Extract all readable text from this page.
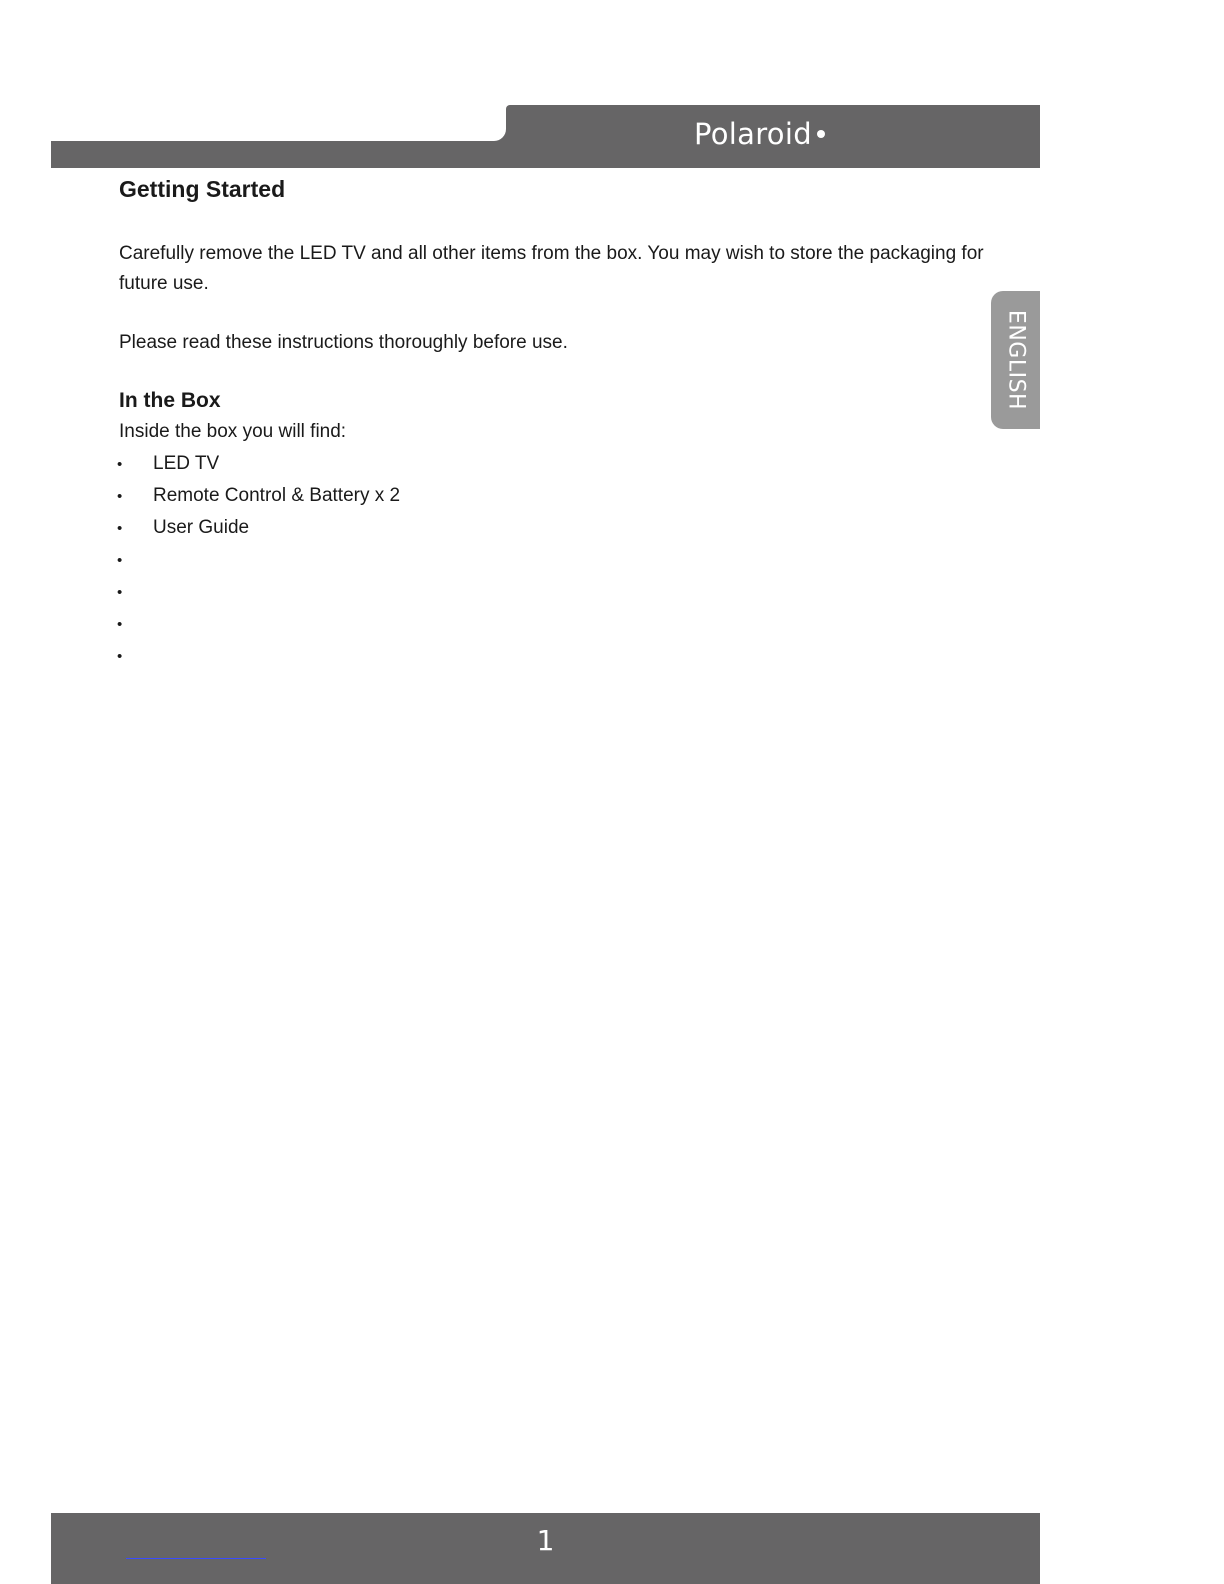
Polaroid
ENGLISH
Getting Started

Carefully remove the LED TV and all other items from the box. You may wish to store the packaging for future use.

Please read these instructions thoroughly before use.

In the Box

Inside the box you will find:

• LED TV
• Remote Control & Battery x 2
• User Guide
•
•
•
•
1
